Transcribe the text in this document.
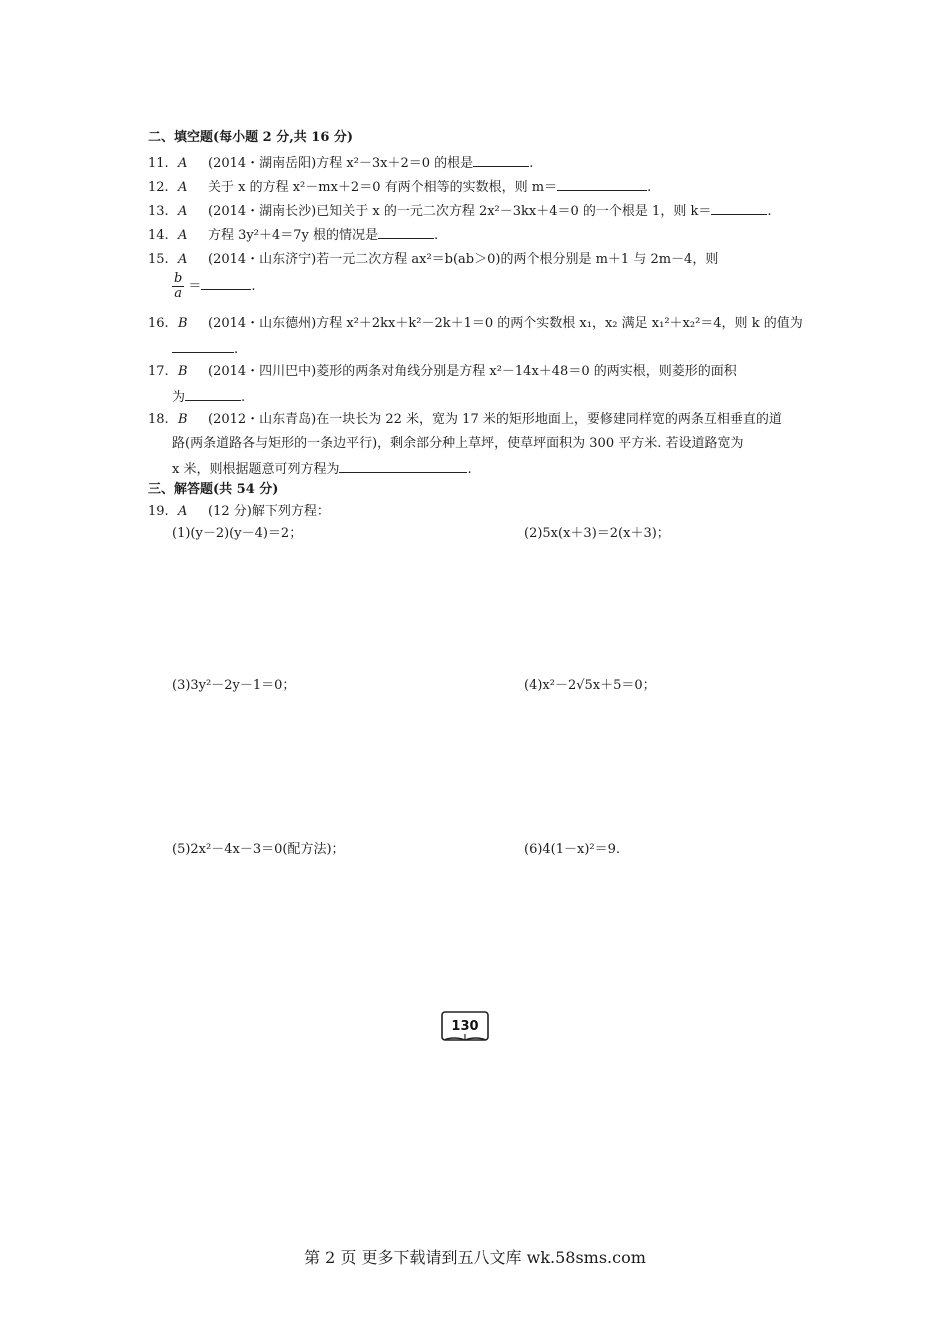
二、填空题(每小题 2 分,共 16 分)
11. A (2014・湖南岳阳)方程 x²－3x＋2＝0 的根是	.
12. A 关于 x 的方程 x²－mx＋2＝0 有两个相等的实数根，则 m＝	.
13. A (2014・湖南长沙)已知关于 x 的一元二次方程 2x²－3kx＋4＝0 的一个根是 1，则 k＝	.
14. A 方程 3y²＋4＝7y 根的情况是	.
15. A (2014・山东济宁)若一元二次方程 ax²＝b(ab＞0)的两个根分别是 m＋1 与 2m－4，则
$\frac{b}{a}$ ＝	.
16. B (2014・山东德州)方程 x²＋2kx＋k²－2k＋1＝0 的两个实数根 x₁，x₂ 满足 x₁²＋x₂²＝4，则 k 的值为
.
17. B (2014・四川巴中)菱形的两条对角线分别是方程 x²－14x＋48＝0 的两实根，则菱形的面积
为	.
18. B (2012・山东青岛)在一块长为 22 米，宽为 17 米的矩形地面上，要修建同样宽的两条互相垂直的道
路(两条道路各与矩形的一条边平行)，剩余部分种上草坪，使草坪面积为 300 平方米. 若设道路宽为
x 米，则根据题意可列方程为	.
三、解答题(共 54 分)
19. A (12 分)解下列方程：
(1)(y－2)(y－4)＝2；	(2)5x(x＋3)＝2(x＋3)；
(3)3y²－2y－1＝0；	(4)x²－2√5x＋5＝0；
(5)2x²－4x－3＝0(配方法)；	(6)4(1－x)²＝9.
130
第 2 页 更多下载请到五八文库 wk.58sms.com
